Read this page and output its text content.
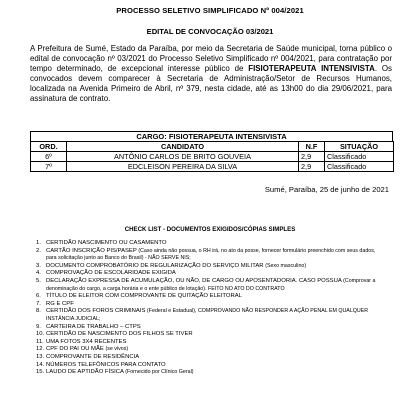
PROCESSO SELETIVO SIMPLIFICADO Nº 004/2021
EDITAL DE CONVOCAÇÃO 03/2021
A Prefeitura de Sumé, Estado da Paraíba, por meio da Secretaria de Saúde municipal, torna público o edital de convocação nº 03/2021 do Processo Seletivo Simplificado nº 004/2021, para contratação por tempo determinado, de excepcional interesse público de FISIOTERAPEUTA INTENSIVISTA. Os convocados devem comparecer à Secretaria de Administração/Setor de Recursos Humanos, localizada na Avenida Primeiro de Abril, nº 379, nesta cidade, até as 13h00 do dia 29/06/2021, para assinatura de contrato.
CARGO: FISIOTERAPEUTA INTENSIVISTA
ORD.	CANDIDATO	N.F	SITUAÇÃO
6º	ANTÔNIO CARLOS DE BRITO GOUVEIA	2,9	Classificado
7º	EDCLEISON PEREIRA DA SILVA	2,9	Classificado
Sumé, Paraíba, 25 de junho de 2021
CHECK LIST - DOCUMENTOS EXIGIDOS/CÓPIAS SIMPLES
1. CERTIDÃO NASCIMENTO OU CASAMENTO
2. CARTÃO INSCRIÇÃO PIS/PASEP (Caso ainda não possua, o RH irá, no ato da posse, fornecer formulário preenchido com seus dados, para solicitação junto ao Banco do Brasil) - NÃO SERVE NIS;
3. DOCUMENTO COMPROBATÓRIO DE REGULARIZAÇÃO DO SERVIÇO MILITAR (Sexo masculino)
4. COMPROVAÇÃO DE ESCOLARIDADE EXIGIDA
5. DECLARAÇÃO EXPRESSA DE ACUMULAÇÃO, OU NÃO, DE CARGO OU APOSENTADORIA. CASO POSSUA (Comprovar a denominação do cargo, a carga horária e o ente público de lotação). FEITO NO ATO DO CONTRATO
6. TÍTULO DE ELEITOR COM COMPROVANTE DE QUITAÇÃO ELEITORAL
7. RG E CPF
8. CERTIDÃO DOS FOROS CRIMINAIS (Federal e Estadual), COMPROVANDO NÃO RESPONDER A AÇÃO PENAL EM QUALQUER INSTÂNCIA JUDICIAL;
9. CARTEIRA DE TRABALHO – CTPS
10. CERTIDÃO DE NASCIMENTO DOS FILHOS SE TIVER
11. UMA FOTOS 3X4 RECENTES
12. CPF DO PAI OU MÃE (se vivos)
13. COMPROVANTE DE RESIDÊNCIA
14. NÚMEROS TELEFÔNICOS PARA CONTATO
15. LAUDO DE APTIDÃO FÍSICA (Fornecido por Clínico Geral)
